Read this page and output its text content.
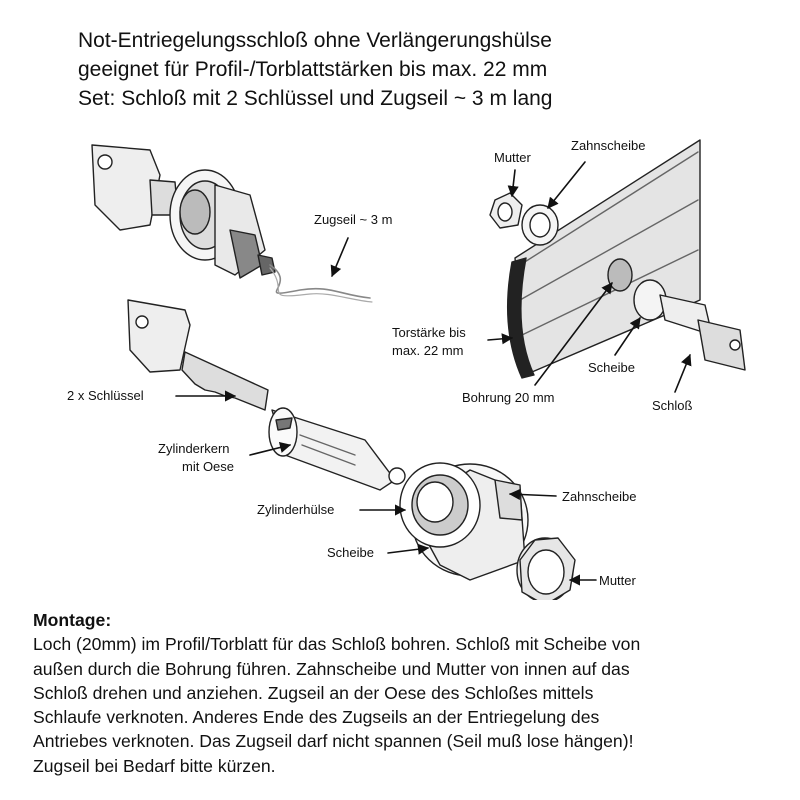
Not-Entriegelungsschloß ohne Verlängerungshülse
geeignet für Profil-/Torblattstärken bis max. 22 mm
Set: Schloß mit 2 Schlüssel und Zugseil ~ 3 m lang
Zugseil ~ 3 m
2 x Schlüssel
Zylinderkern
mit Oese
Zylinderhülse
Scheibe
Zahnscheibe
Mutter
Mutter
Zahnscheibe
Torstärke bis
max. 22 mm
Scheibe
Bohrung 20 mm
Schloß
Montage:
Loch (20mm) im Profil/Torblatt für das Schloß bohren. Schloß mit Scheibe von
außen durch die Bohrung führen. Zahnscheibe und Mutter von innen auf das
Schloß drehen und anziehen. Zugseil an der Oese des Schloßes mittels
Schlaufe verknoten. Anderes Ende des Zugseils an der Entriegelung des
Antriebes verknoten. Das Zugseil darf nicht spannen (Seil muß lose hängen)!
Zugseil bei Bedarf bitte kürzen.
